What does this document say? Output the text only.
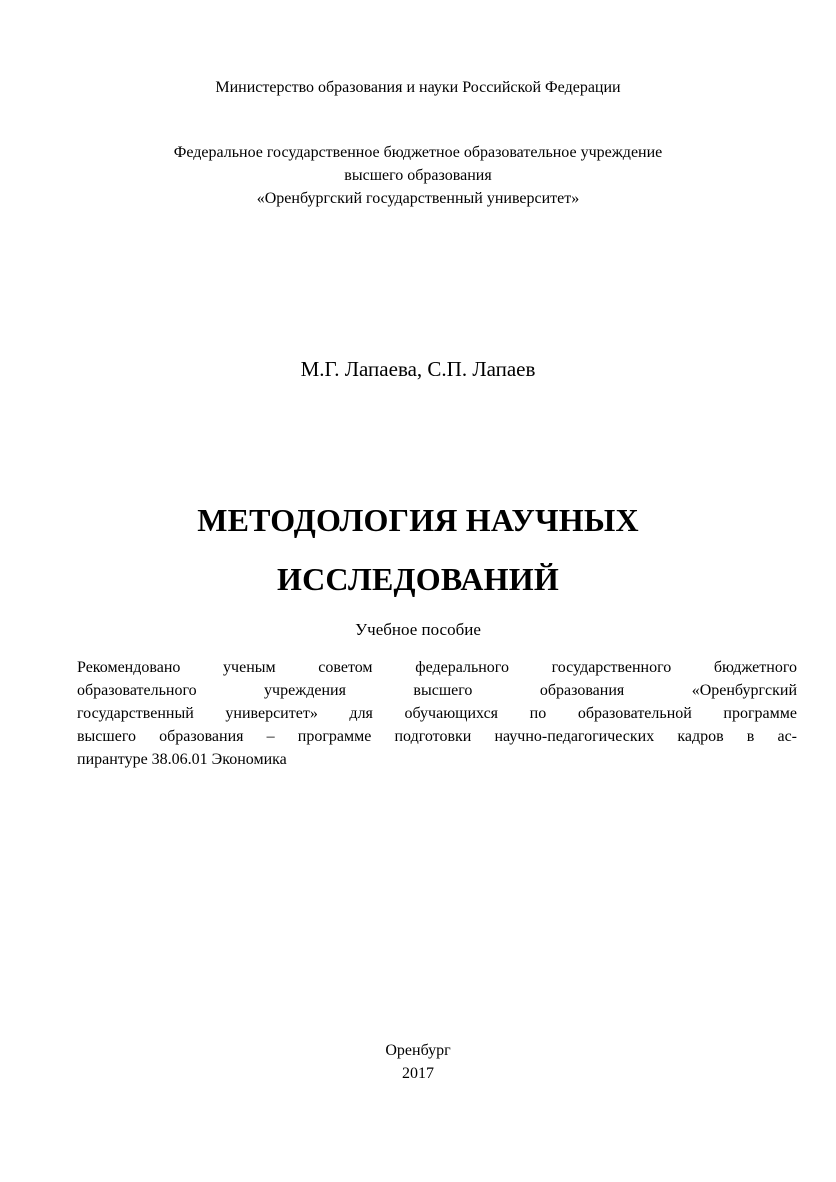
Министерство образования и науки Российской Федерации
Федеральное государственное бюджетное образовательное учреждение
высшего образования
«Оренбургский государственный университет»
М.Г. Лапаева, С.П. Лапаев
МЕТОДОЛОГИЯ НАУЧНЫХ
ИССЛЕДОВАНИЙ
Учебное пособие
Рекомендовано ученым советом федерального государственного бюджетного
образовательного учреждения высшего образования «Оренбургский
государственный университет» для обучающихся по образовательной программе
высшего образования – программе подготовки научно-педагогических кадров в ас-
пирантуре 38.06.01 Экономика
Оренбург
2017
